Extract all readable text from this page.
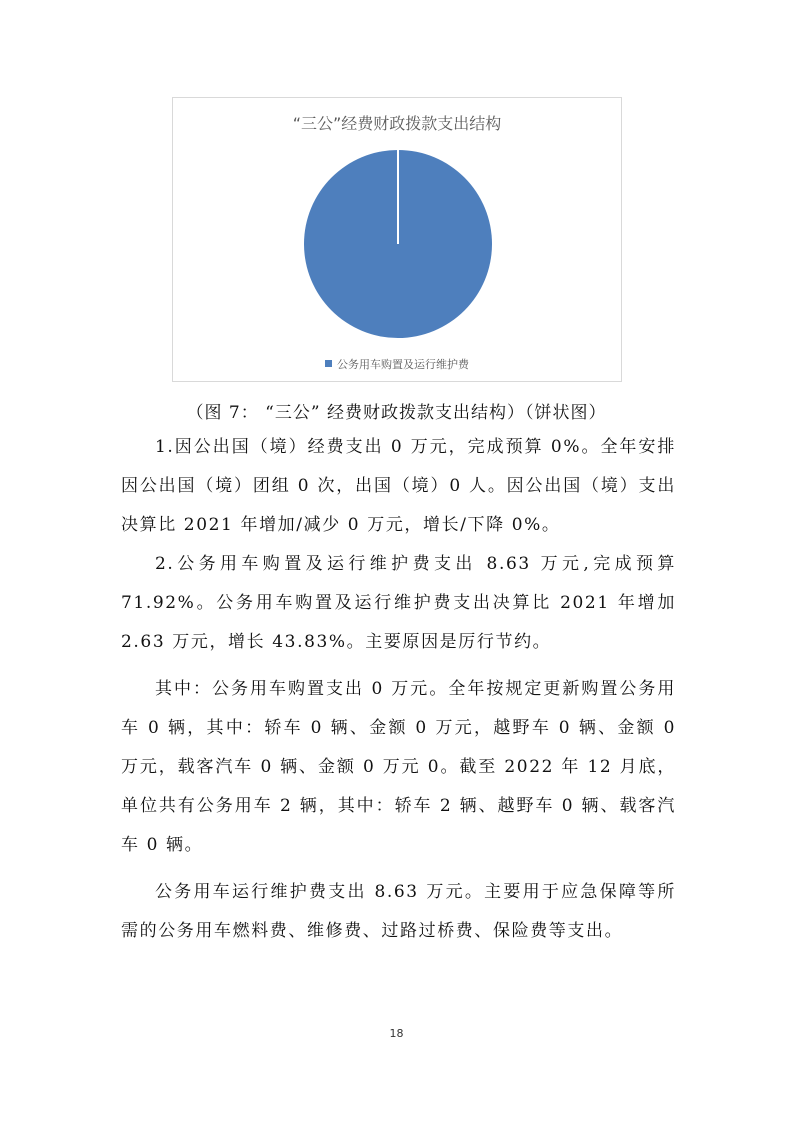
“三公”经费财政拨款支出结构
公务用车购置及运行维护费
（图 7： “三公” 经费财政拨款支出结构）（饼状图）

1.因公出国（境）经费支出 0 万元，完成预算 0%。全年安排因公出国（境）团组 0 次，出国（境）0 人。因公出国（境）支出决算比 2021 年增加/减少 0 万元，增长/下降 0%。

2.公务用车购置及运行维护费支出 8.63 万元,完成预算 71.92%。公务用车购置及运行维护费支出决算比 2021 年增加 2.63 万元，增长 43.83%。主要原因是厉行节约。

其中：公务用车购置支出 0 万元。全年按规定更新购置公务用车 0 辆，其中：轿车 0 辆、金额 0 万元，越野车 0 辆、金额 0 万元，载客汽车 0 辆、金额 0 万元 0。截至 2022 年 12 月底，单位共有公务用车 2 辆，其中：轿车 2 辆、越野车 0 辆、载客汽车 0 辆。

公务用车运行维护费支出 8.63 万元。主要用于应急保障等所需的公务用车燃料费、维修费、过路过桥费、保险费等支出。

18
